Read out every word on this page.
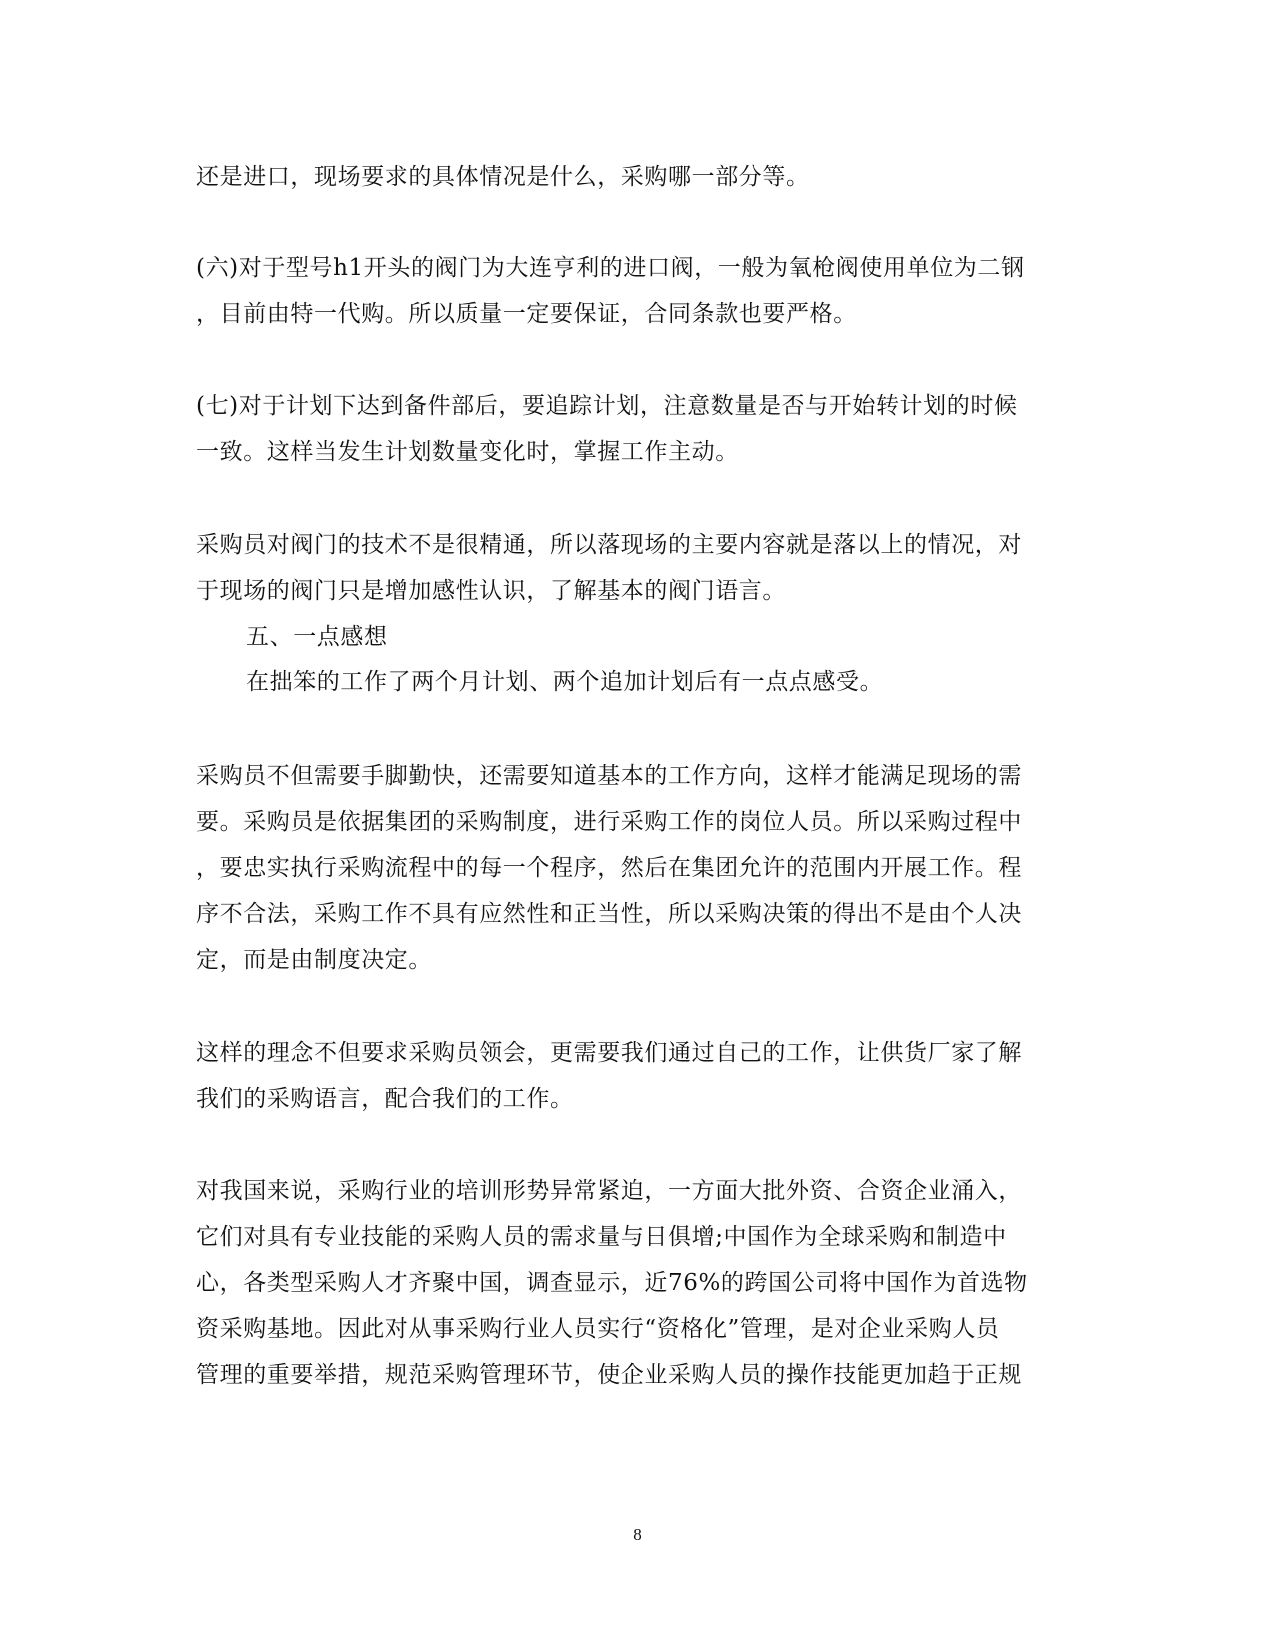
还是进口，现场要求的具体情况是什么，采购哪一部分等。
(六)对于型号h1开头的阀门为大连亨利的进口阀，一般为氧枪阀使用单位为二钢
，目前由特一代购。所以质量一定要保证，合同条款也要严格。
(七)对于计划下达到备件部后，要追踪计划，注意数量是否与开始转计划的时候
一致。这样当发生计划数量变化时，掌握工作主动。
采购员对阀门的技术不是很精通，所以落现场的主要内容就是落以上的情况，对
于现场的阀门只是增加感性认识，了解基本的阀门语言。
五、一点感想
在拙笨的工作了两个月计划、两个追加计划后有一点点感受。
采购员不但需要手脚勤快，还需要知道基本的工作方向，这样才能满足现场的需
要。采购员是依据集团的采购制度，进行采购工作的岗位人员。所以采购过程中
，要忠实执行采购流程中的每一个程序，然后在集团允许的范围内开展工作。程
序不合法，采购工作不具有应然性和正当性，所以采购决策的得出不是由个人决
定，而是由制度决定。
这样的理念不但要求采购员领会，更需要我们通过自己的工作，让供货厂家了解
我们的采购语言，配合我们的工作。
对我国来说，采购行业的培训形势异常紧迫，一方面大批外资、合资企业涌入，
它们对具有专业技能的采购人员的需求量与日俱增;中国作为全球采购和制造中
心，各类型采购人才齐聚中国，调查显示，近76%的跨国公司将中国作为首选物
资采购基地。因此对从事采购行业人员实行“资格化”管理，是对企业采购人员
管理的重要举措，规范采购管理环节，使企业采购人员的操作技能更加趋于正规
8
